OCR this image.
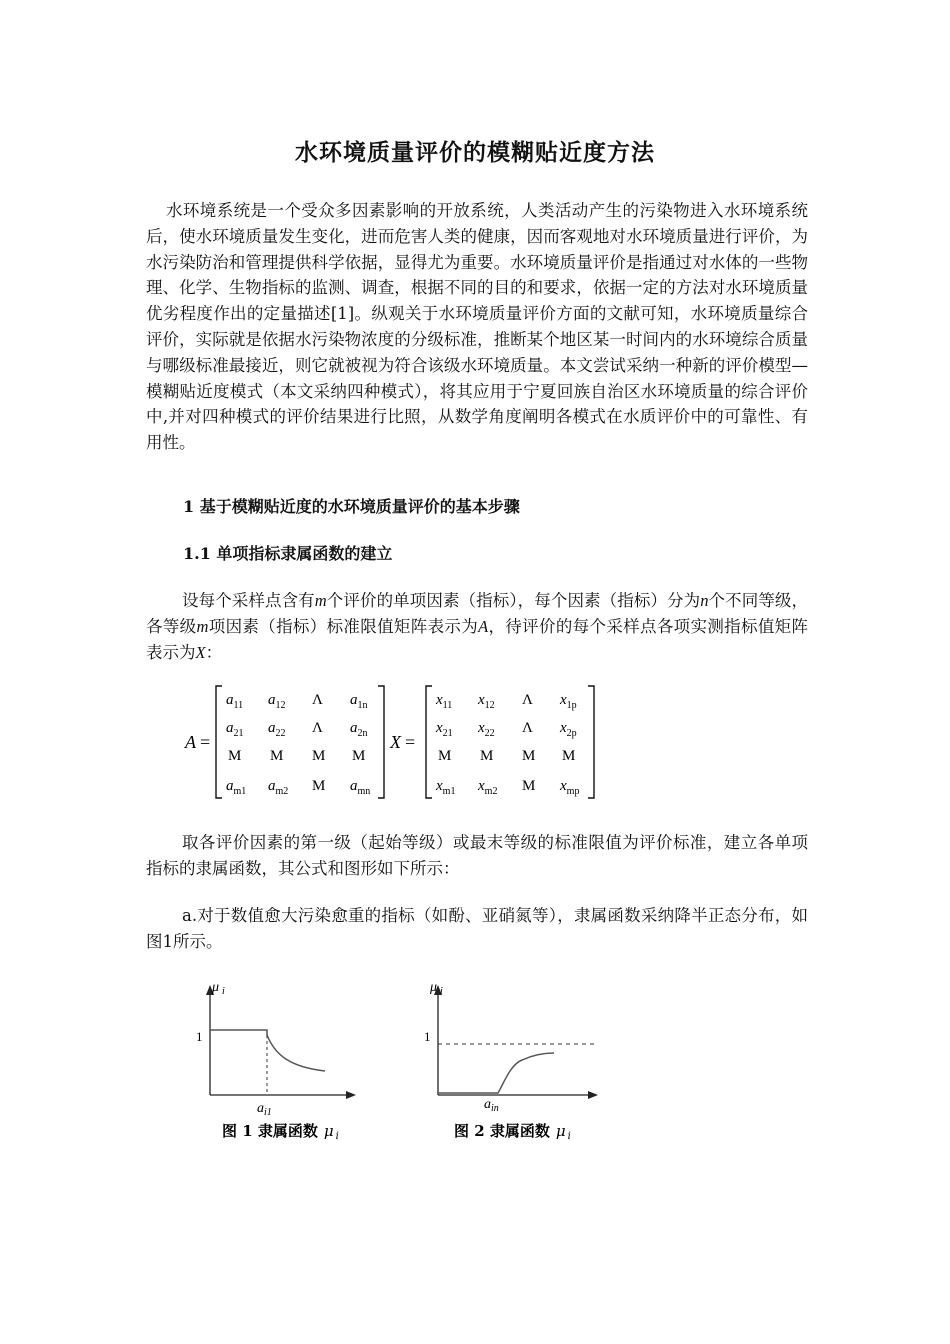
水环境质量评价的模糊贴近度方法

水环境系统是一个受众多因素影响的开放系统，人类活动产生的污染物进入水环境系统后，使水环境质量发生变化，进而危害人类的健康，因而客观地对水环境质量进行评价，为水污染防治和管理提供科学依据，显得尤为重要。水环境质量评价是指通过对水体的一些物理、化学、生物指标的监测、调查，根据不同的目的和要求，依据一定的方法对水环境质量优劣程度作出的定量描述[1]。纵观关于水环境质量评价方面的文献可知，水环境质量综合评价，实际就是依据水污染物浓度的分级标准，推断某个地区某一时间内的水环境综合质量与哪级标准最接近，则它就被视为符合该级水环境质量。本文尝试采纳一种新的评价模型—模糊贴近度模式（本文采纳四种模式），将其应用于宁夏回族自治区水环境质量的综合评价中,并对四种模式的评价结果进行比照，从数学角度阐明各模式在水质评价中的可靠性、有用性。

1 基于模糊贴近度的水环境质量评价的基本步骤
1.1 单项指标隶属函数的建立

设每个采样点含有m个评价的单项因素（指标），每个因素（指标）分为n个不同等级，各等级m项因素（指标）标准限值矩阵表示为A，待评价的每个采样点各项实测指标值矩阵表示为X：

A =
$a_{11}$ $a_{12}$ Λ $a_{1n}$
$a_{21}$ $a_{22}$ Λ $a_{2n}$
M M M M
$a_{m1}$ $a_{m2}$ M $a_{mn}$
X =
$x_{11}$ $x_{12}$ Λ $x_{1p}$
$x_{21}$ $x_{22}$ Λ $x_{2p}$
M M M M
$x_{m1}$ $x_{m2}$ M $x_{mp}$

取各评价因素的第一级（起始等级）或最末等级的标准限值为评价标准，建立各单项指标的隶属函数，其公式和图形如下所示：

a.对于数值愈大污染愈重的指标（如酚、亚硝氮等），隶属函数采纳降半正态分布，如图1所示。

μ $_i$
1
$a_{i1}$
图 1 隶属函数 μ $_i$
μ $_i$
1
$a_{in}$
图 2 隶属函数 μ $_i$
